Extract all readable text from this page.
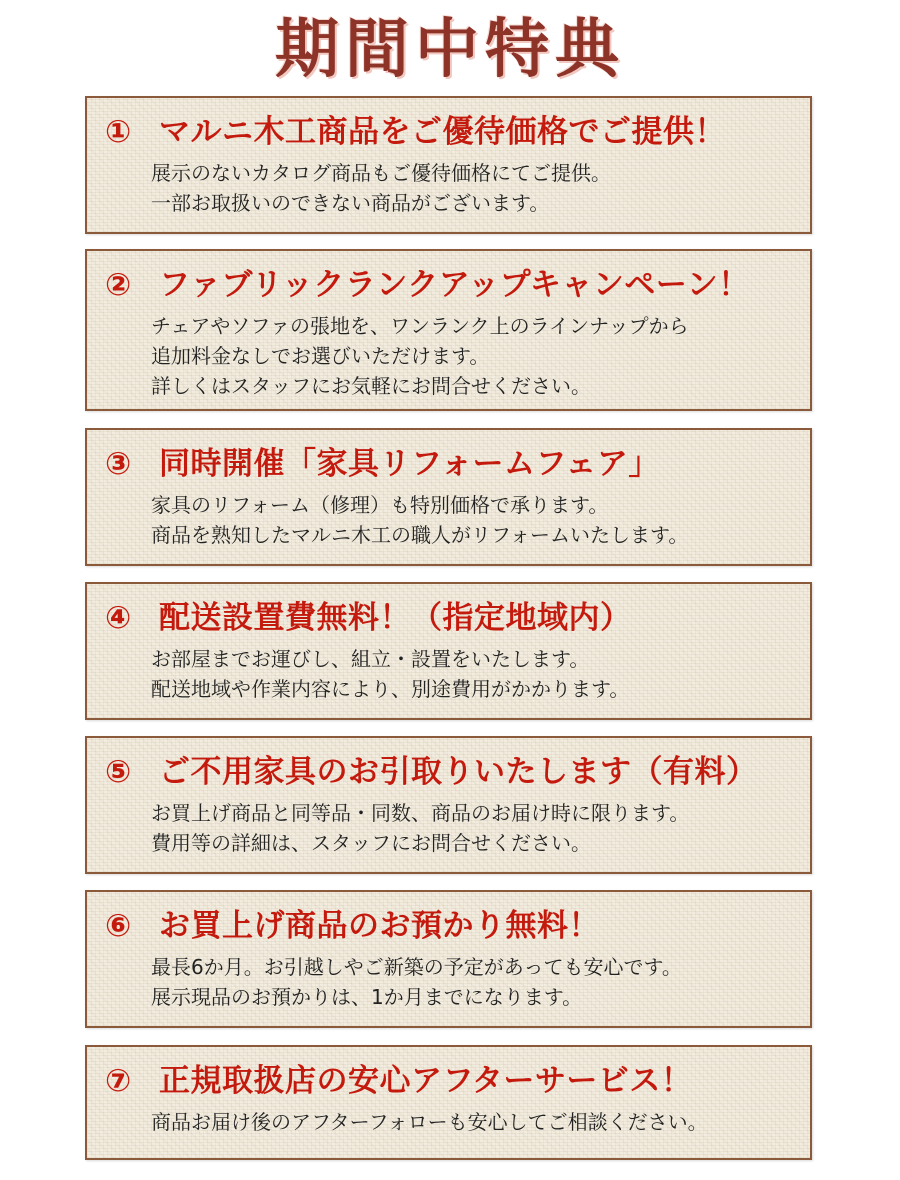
期間中特典
① マルニ木工商品をご優待価格でご提供！
展示のないカタログ商品もご優待価格にてご提供。
一部お取扱いのできない商品がございます。
② ファブリックランクアップキャンペーン！
チェアやソファの張地を、ワンランク上のラインナップから
追加料金なしでお選びいただけます。
詳しくはスタッフにお気軽にお問合せください。
③ 同時開催「家具リフォームフェア」
家具のリフォーム（修理）も特別価格で承ります。
商品を熟知したマルニ木工の職人がリフォームいたします。
④ 配送設置費無料！（指定地域内）
お部屋までお運びし、組立・設置をいたします。
配送地域や作業内容により、別途費用がかかります。
⑤ ご不用家具のお引取りいたします（有料）
お買上げ商品と同等品・同数、商品のお届け時に限ります。
費用等の詳細は、スタッフにお問合せください。
⑥ お買上げ商品のお預かり無料！
最長6か月。お引越しやご新築の予定があっても安心です。
展示現品のお預かりは、1か月までになります。
⑦ 正規取扱店の安心アフターサービス！
商品お届け後のアフターフォローも安心してご相談ください。
